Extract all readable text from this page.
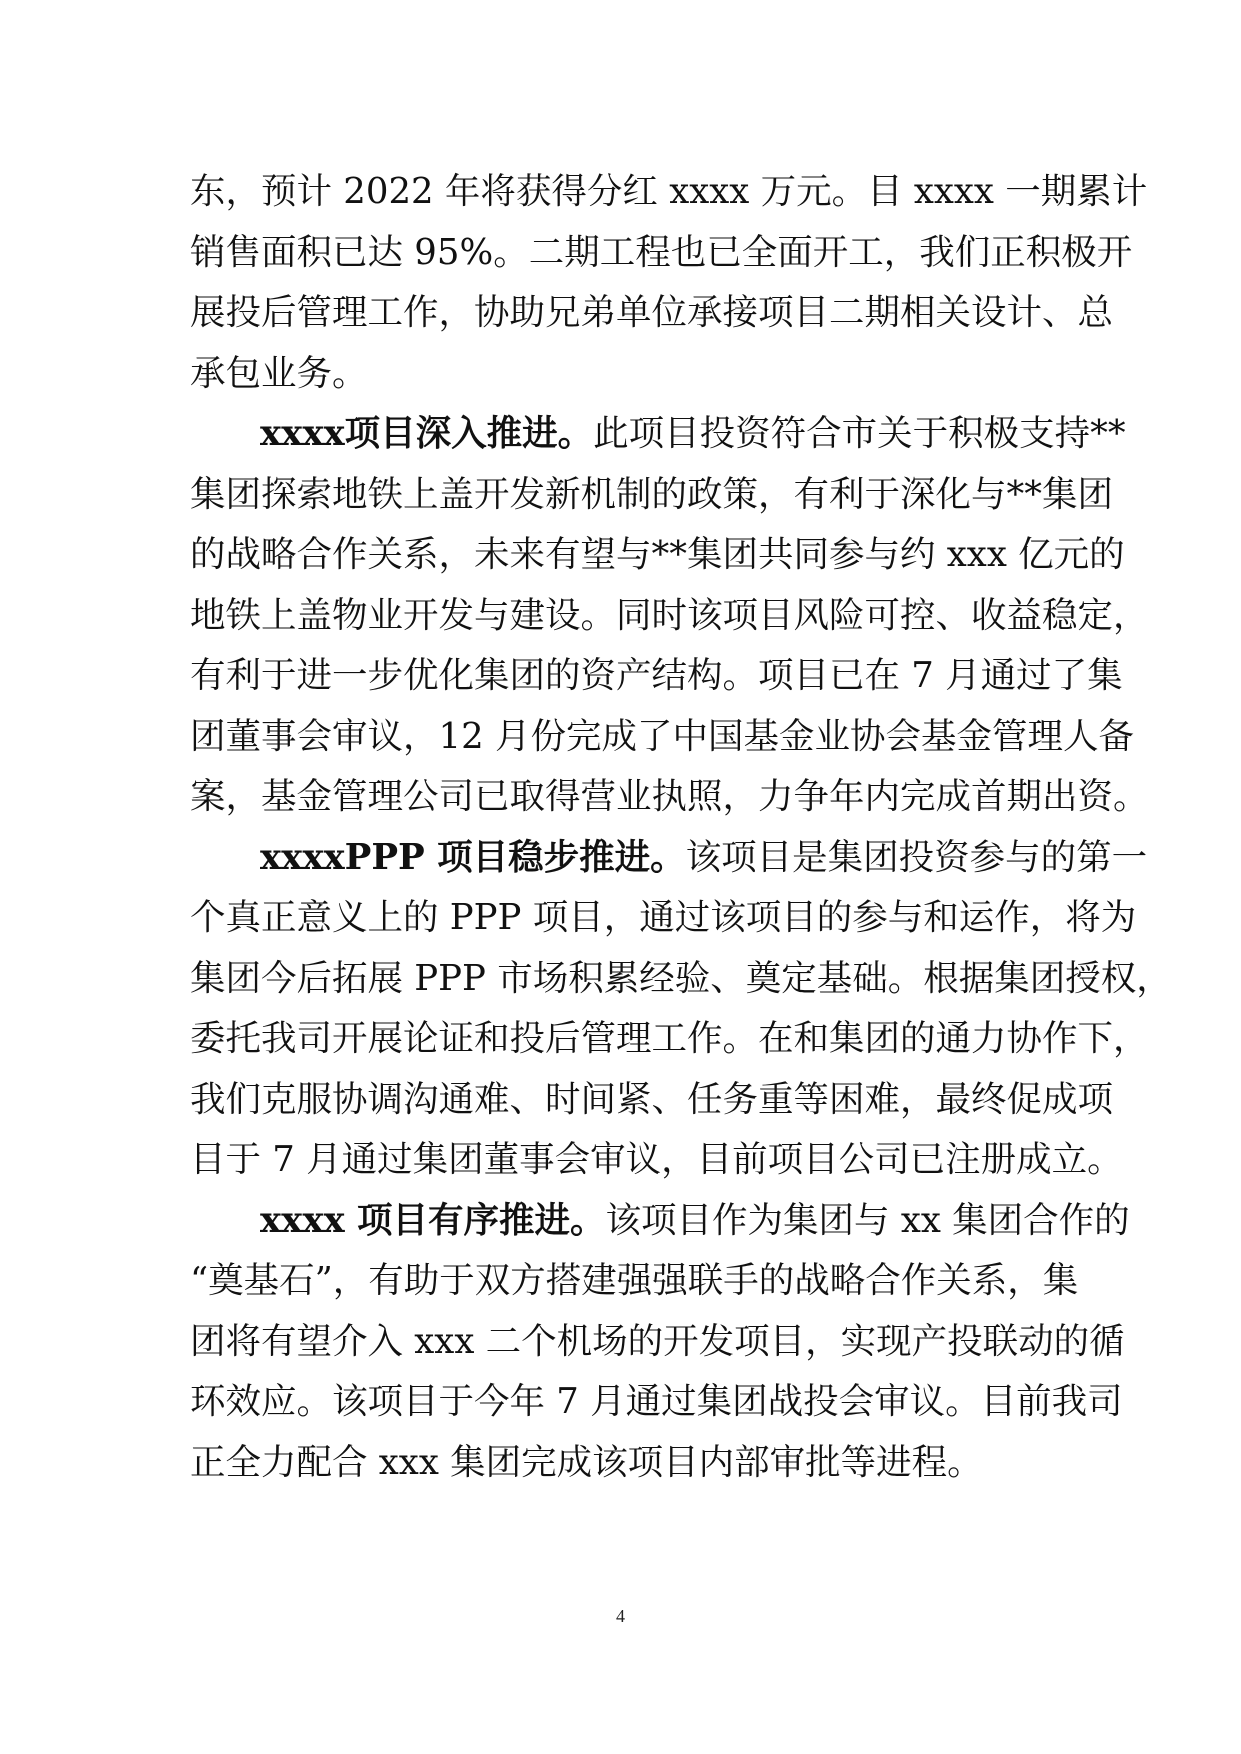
东，预计 2022 年将获得分红 xxxx 万元。目 xxxx 一期累计
销售面积已达 95%。二期工程也已全面开工，我们正积极开
展投后管理工作，协助兄弟单位承接项目二期相关设计、总
承包业务。
xxxx项目深入推进。此项目投资符合市关于积极支持**
集团探索地铁上盖开发新机制的政策，有利于深化与**集团
的战略合作关系，未来有望与**集团共同参与约 xxx 亿元的
地铁上盖物业开发与建设。同时该项目风险可控、收益稳定，
有利于进一步优化集团的资产结构。项目已在 7 月通过了集
团董事会审议，12 月份完成了中国基金业协会基金管理人备
案，基金管理公司已取得营业执照，力争年内完成首期出资。
xxxxPPP 项目稳步推进。该项目是集团投资参与的第一
个真正意义上的 PPP 项目，通过该项目的参与和运作，将为
集团今后拓展 PPP 市场积累经验、奠定基础。根据集团授权，
委托我司开展论证和投后管理工作。在和集团的通力协作下，
我们克服协调沟通难、时间紧、任务重等困难，最终促成项
目于 7 月通过集团董事会审议，目前项目公司已注册成立。
xxxx 项目有序推进。该项目作为集团与 xx 集团合作的
“奠基石”，有助于双方搭建强强联手的战略合作关系，集
团将有望介入 xxx 二个机场的开发项目，实现产投联动的循
环效应。该项目于今年 7 月通过集团战投会审议。目前我司
正全力配合 xxx 集团完成该项目内部审批等进程。
4
